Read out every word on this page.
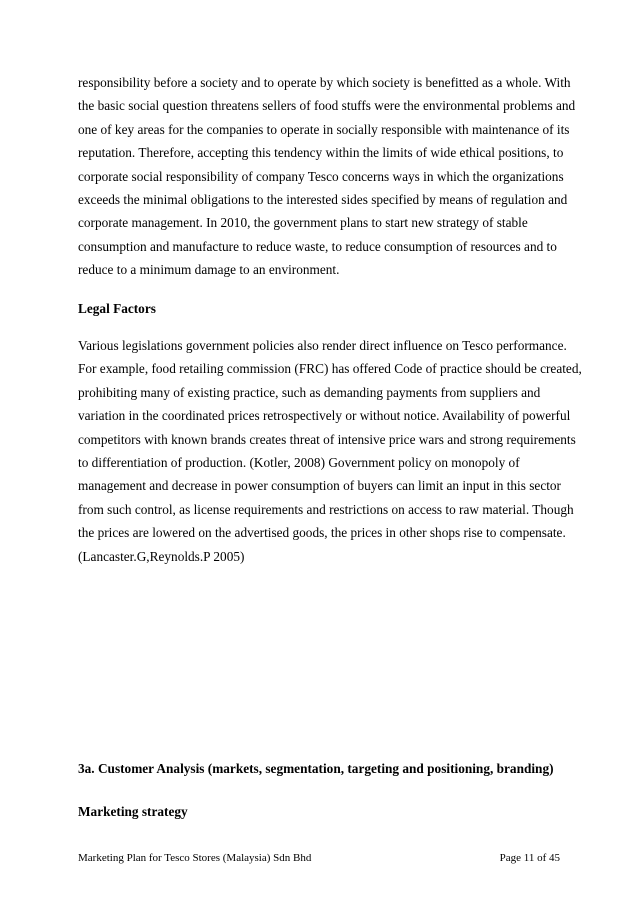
responsibility before a society and to operate by which society is benefitted as a whole. With
the basic social question threatens sellers of food stuffs were the environmental problems and
one of key areas for the companies to operate in socially responsible with maintenance of its
reputation. Therefore, accepting this tendency within the limits of wide ethical positions, to
corporate social responsibility of company Tesco concerns ways in which the organizations
exceeds the minimal obligations to the interested sides specified by means of regulation and
corporate management. In 2010, the government plans to start new strategy of stable
consumption and manufacture to reduce waste, to reduce consumption of resources and to
reduce to a minimum damage to an environment.

Legal Factors

Various legislations government policies also render direct influence on Tesco performance.
For example, food retailing commission (FRC) has offered Code of practice should be created,
prohibiting many of existing practice, such as demanding payments from suppliers and
variation in the coordinated prices retrospectively or without notice. Availability of powerful
competitors with known brands creates threat of intensive price wars and strong requirements
to differentiation of production. (Kotler, 2008) Government policy on monopoly of
management and decrease in power consumption of buyers can limit an input in this sector
from such control, as license requirements and restrictions on access to raw material. Though
the prices are lowered on the advertised goods, the prices in other shops rise to compensate.
(Lancaster.G,Reynolds.P 2005)

3a. Customer Analysis (markets, segmentation, targeting and positioning, branding)
Marketing strategy
Marketing Plan for Tesco Stores (Malaysia) Sdn Bhd	Page 11 of 45
